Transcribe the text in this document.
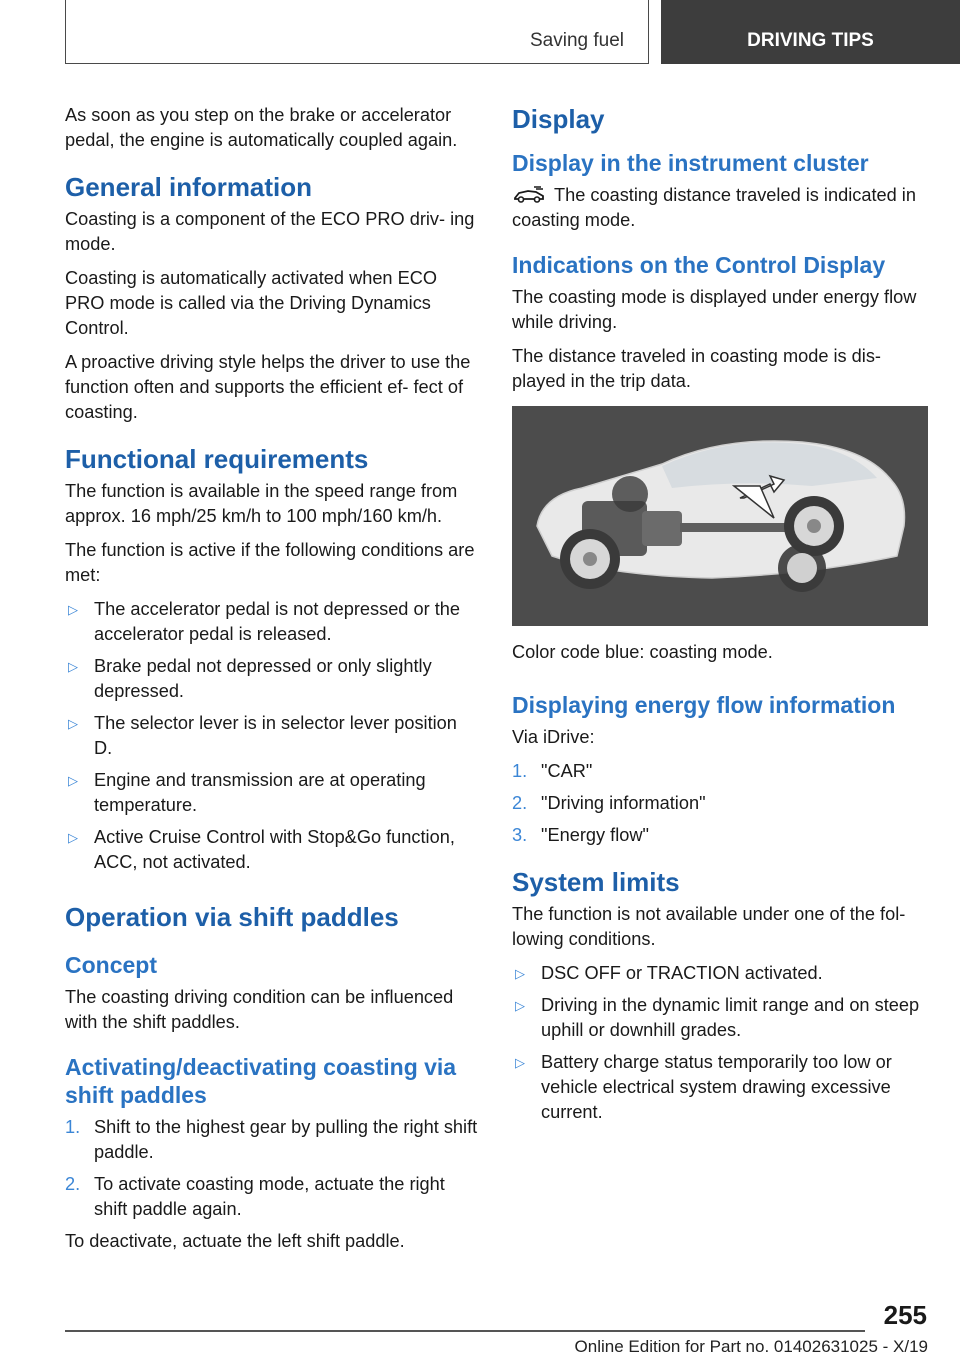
Saving fuel	DRIVING TIPS

As soon as you step on the brake or accelerator pedal, the engine is automatically coupled again.

General information

Coasting is a component of the ECO PRO driv- ing mode.

Coasting is automatically activated when ECO PRO mode is called via the Driving Dynamics Control.

A proactive driving style helps the driver to use the function often and supports the efficient ef- fect of coasting.

Functional requirements

The function is available in the speed range from approx. 16 mph/25 km/h to 100 mph/160 km/h.

The function is active if the following conditions are met:

▷ The accelerator pedal is not depressed or the accelerator pedal is released.
▷ Brake pedal not depressed or only slightly depressed.
▷ The selector lever is in selector lever position D.
▷ Engine and transmission are at operating temperature.
▷ Active Cruise Control with Stop&Go function, ACC, not activated.
Operation via shift paddles
Concept

The coasting driving condition can be influenced with the shift paddles.

Activating/deactivating coasting via shift paddles
1. Shift to the highest gear by pulling the right shift paddle.
2. To activate coasting mode, actuate the right shift paddle again.

To deactivate, actuate the left shift paddle.

Display
Display in the instrument cluster

The coasting distance traveled is indicated in coasting mode.

Indications on the Control Display

The coasting mode is displayed under energy flow while driving.

The distance traveled in coasting mode is dis- played in the trip data.

Color code blue: coasting mode.

Displaying energy flow information

Via iDrive:

1. "CAR"
2. "Driving information"
3. "Energy flow"
System limits

The function is not available under one of the fol- lowing conditions.

▷ DSC OFF or TRACTION activated.
▷ Driving in the dynamic limit range and on steep uphill or downhill grades.
▷ Battery charge status temporarily too low or vehicle electrical system drawing excessive current.
255
Online Edition for Part no. 01402631025 - X/19
